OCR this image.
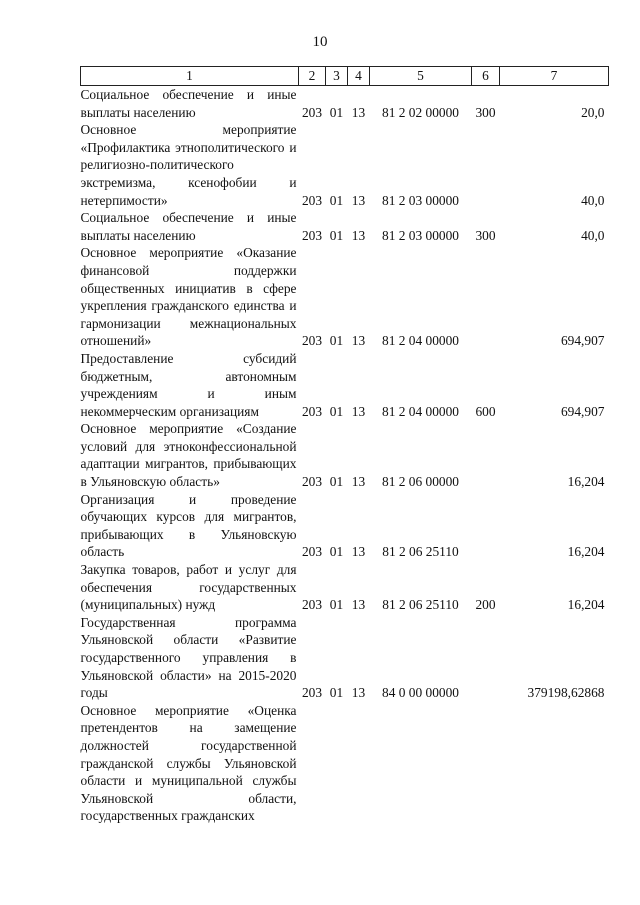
10
1	2	3	4	5	6	7
Социальное обеспечение и иные выплаты населению	203	01	13	81 2 02 00000	300	20,0
Основное мероприятие «Профилактика этнополитического и религиозно-политического экстремизма, ксенофобии и нетерпимости»	203	01	13	81 2 03 00000		40,0
Социальное обеспечение и иные выплаты населению	203	01	13	81 2 03 00000	300	40,0
Основное мероприятие «Оказание финансовой поддержки общественных инициатив в сфере укрепления гражданского единства и гармонизации межнациональных отношений»	203	01	13	81 2 04 00000		694,907
Предоставление субсидий бюджетным, автономным учреждениям и иным некоммерческим организациям	203	01	13	81 2 04 00000	600	694,907
Основное мероприятие «Создание условий для этноконфессиональной адаптации мигрантов, прибывающих в Ульяновскую область»	203	01	13	81 2 06 00000		16,204
Организация и проведение обучающих курсов для мигрантов, прибывающих в Ульяновскую область	203	01	13	81 2 06 25110		16,204
Закупка товаров, работ и услуг для обеспечения государственных (муниципальных) нужд	203	01	13	81 2 06 25110	200	16,204
Государственная программа Ульяновской области «Развитие государственного управления в Ульяновской области» на 2015-2020 годы	203	01	13	84 0 00 00000		379198,62868
Основное мероприятие «Оценка претендентов на замещение должностей государственной гражданской службы Ульяновской области и муниципальной службы Ульяновской области, государственных гражданских						
